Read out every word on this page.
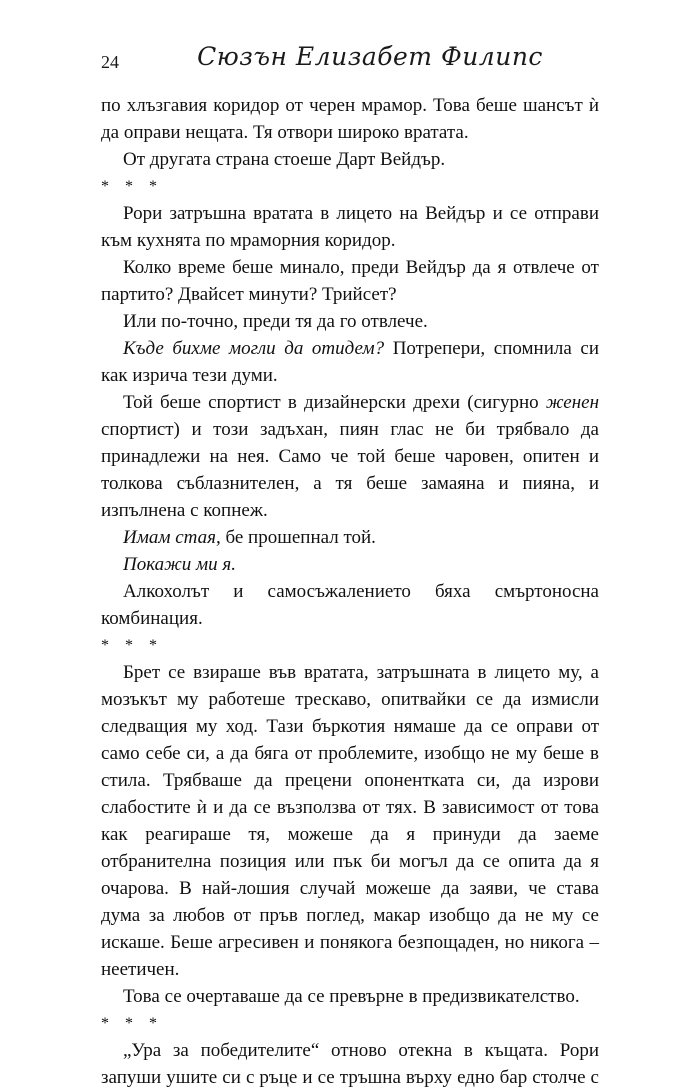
24	Сюзън Елизабет Филипс

по хлъзгавия коридор от черен мрамор. Това беше шансът ѝ

да оправи нещата. Тя отвори широко вратата.

От другата страна стоеше Дарт Вейдър.

* * *

Рори затръшна вратата в лицето на Вейдър и се отправи към кухнята по мраморния коридор.

Колко време беше минало, преди Вейдър да я отвлече от партито? Двайсет минути? Трийсет?

Или по-точно, преди тя да го отвлече.

Къде бихме могли да отидем? Потрепери, спомнила си как изрича тези думи.

Той беше спортист в дизайнерски дрехи (сигурно женен спортист) и този задъхан, пиян глас не би трябвало да принадлежи на нея. Само че той беше чаровен, опитен и толкова съблазнителен, а тя беше замаяна и пияна, и изпълнена с копнеж.

Имам стая, бе прошепнал той.

Покажи ми я.

Алкохолът и самосъжалението бяха смъртоносна комбинация.

* * *

Брет се взираше във вратата, затръшната в лицето му, а мозъкът му работеше трескаво, опитвайки се да измисли следващия му ход. Тази бъркотия нямаше да се оправи от само себе си, а да бяга от проблемите, изобщо не му беше в стила. Трябваше да прецени опонентката си, да изрови слабостите ѝ и да се възползва от тях. В зависимост от това как реагираше тя, можеше да я принуди да заеме отбранителна позиция или пък би могъл да се опита да я очарова. В най-лошия случай можеше да заяви, че става дума за любов от пръв поглед, макар изобщо да не му се искаше. Беше агресивен и понякога безпощаден, но никога – неетичен.

Това се очертаваше да се превърне в предизвикателство.

* * *

„Ура за победителите“ отново отекна в къщата. Рори запуши ушите си с ръце и се тръшна върху едно бар столче с
